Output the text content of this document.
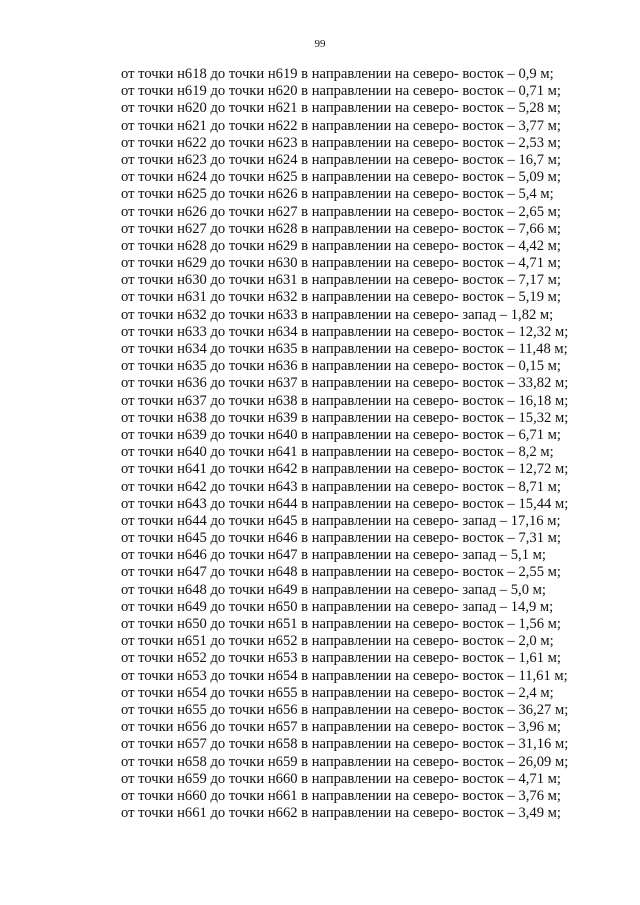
99
от точки н618 до точки н619 в направлении на северо- восток – 0,9 м;
от точки н619 до точки н620 в направлении на северо- восток – 0,71 м;
от точки н620 до точки н621 в направлении на северо- восток – 5,28 м;
от точки н621 до точки н622 в направлении на северо- восток – 3,77 м;
от точки н622 до точки н623 в направлении на северо- восток – 2,53 м;
от точки н623 до точки н624 в направлении на северо- восток – 16,7 м;
от точки н624 до точки н625 в направлении на северо- восток – 5,09 м;
от точки н625 до точки н626 в направлении на северо- восток – 5,4 м;
от точки н626 до точки н627 в направлении на северо- восток – 2,65 м;
от точки н627 до точки н628 в направлении на северо- восток – 7,66 м;
от точки н628 до точки н629 в направлении на северо- восток – 4,42 м;
от точки н629 до точки н630 в направлении на северо- восток – 4,71 м;
от точки н630 до точки н631 в направлении на северо- восток – 7,17 м;
от точки н631 до точки н632 в направлении на северо- восток – 5,19 м;
от точки н632 до точки н633 в направлении на северо- запад – 1,82 м;
от точки н633 до точки н634 в направлении на северо- восток – 12,32 м;
от точки н634 до точки н635 в направлении на северо- восток – 11,48 м;
от точки н635 до точки н636 в направлении на северо- восток – 0,15 м;
от точки н636 до точки н637 в направлении на северо- восток – 33,82 м;
от точки н637 до точки н638 в направлении на северо- восток – 16,18 м;
от точки н638 до точки н639 в направлении на северо- восток – 15,32 м;
от точки н639 до точки н640 в направлении на северо- восток – 6,71 м;
от точки н640 до точки н641 в направлении на северо- восток – 8,2 м;
от точки н641 до точки н642 в направлении на северо- восток – 12,72 м;
от точки н642 до точки н643 в направлении на северо- восток – 8,71 м;
от точки н643 до точки н644 в направлении на северо- восток – 15,44 м;
от точки н644 до точки н645 в направлении на северо- запад – 17,16 м;
от точки н645 до точки н646 в направлении на северо- восток – 7,31 м;
от точки н646 до точки н647 в направлении на северо- запад – 5,1 м;
от точки н647 до точки н648 в направлении на северо- восток – 2,55 м;
от точки н648 до точки н649 в направлении на северо- запад – 5,0 м;
от точки н649 до точки н650 в направлении на северо- запад – 14,9 м;
от точки н650 до точки н651 в направлении на северо- восток – 1,56 м;
от точки н651 до точки н652 в направлении на северо- восток – 2,0 м;
от точки н652 до точки н653 в направлении на северо- восток – 1,61 м;
от точки н653 до точки н654 в направлении на северо- восток – 11,61 м;
от точки н654 до точки н655 в направлении на северо- восток – 2,4 м;
от точки н655 до точки н656 в направлении на северо- восток – 36,27 м;
от точки н656 до точки н657 в направлении на северо- восток – 3,96 м;
от точки н657 до точки н658 в направлении на северо- восток – 31,16 м;
от точки н658 до точки н659 в направлении на северо- восток – 26,09 м;
от точки н659 до точки н660 в направлении на северо- восток – 4,71 м;
от точки н660 до точки н661 в направлении на северо- восток – 3,76 м;
от точки н661 до точки н662 в направлении на северо- восток – 3,49 м;
